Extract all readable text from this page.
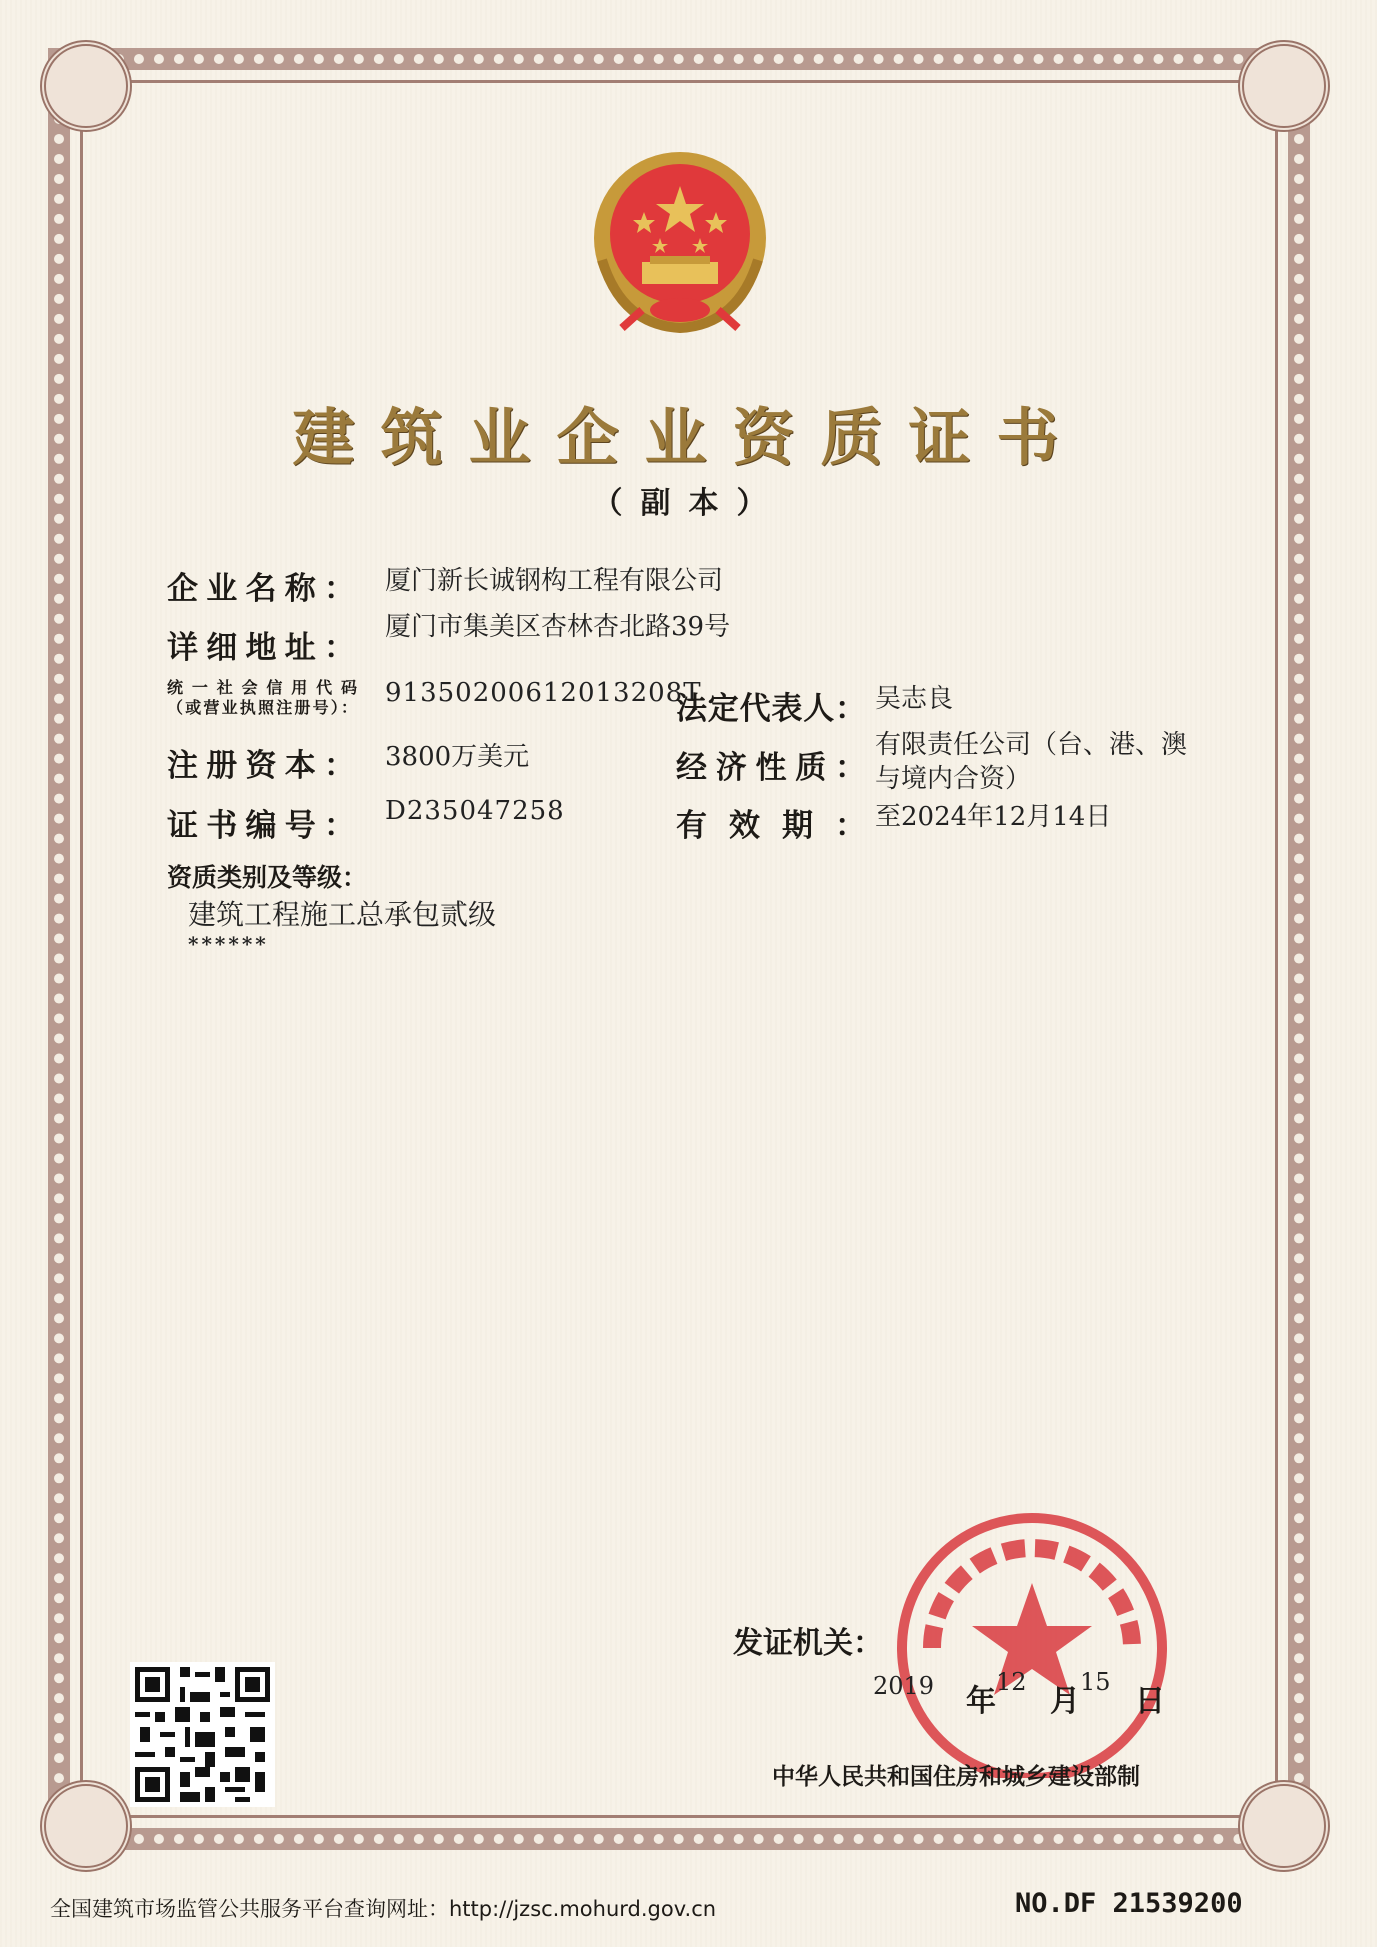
建筑业企业资质证书
（副本）
企业名称： 厦门新长诚钢构工程有限公司
详细地址：
厦门市集美区杏林杏北路39号
统一社会信用代码
（或营业执照注册号）： 91350200612013208T
法定代表人： 吴志良
注册资本： 3800万美元	经济性质：
有限责任公司（台、港、澳
与境内合资）
证书编号： D235047258	有效期： 至2024年12月14日
资质类别及等级：
建筑工程施工总承包贰级
******
发证机关：
2019 年
12
月
15
日
中华人民共和国住房和城乡建设部制
全国建筑市场监管公共服务平台查询网址：http://jzsc.mohurd.gov.cn	NO.DF 21539200
